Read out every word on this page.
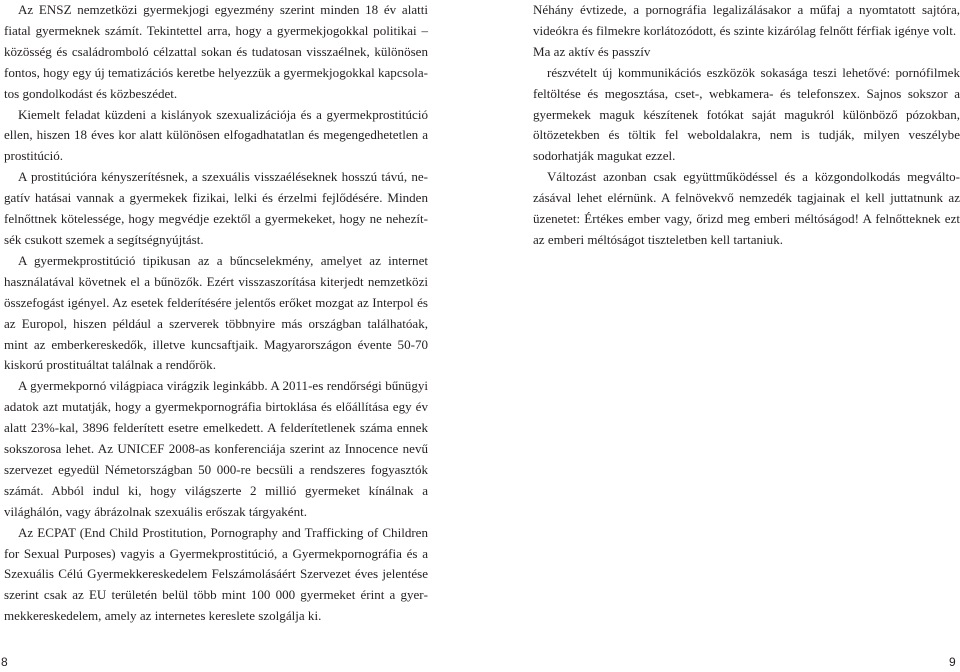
Az ENSZ nemzetközi gyermekjogi egyezmény szerint minden 18 év alatti fiatal gyermeknek számít. Tekintettel arra, hogy a gyermekjogokkal politikai – közösség és családromboló célzattal sokan és tudatosan visszaélnek, különösen fontos, hogy egy új tematizációs keretbe helyezzük a gyermekjogokkal kapcsolatos gondolkodást és közbeszédet.

Kiemelt feladat küzdeni a kislányok szexualizációja és a gyermekprostitúció ellen, hiszen 18 éves kor alatt különösen elfogadhatatlan és megengedhetetlen a prostitúció.

A prostitúcióra kényszerítésnek, a szexuális visszaéléseknek hosszú távú, negatív hatásai vannak a gyermekek fizikai, lelki és érzelmi fejlődésére. Minden felnőttnek kötelessége, hogy megvédje ezektől a gyermekeket, hogy ne nehezítsék csukott szemek a segítségnyújtást.

A gyermekprostitúció tipikusan az a bűncselekmény, amelyet az internet használatával követnek el a bűnözők. Ezért visszaszorítása kiterjedt nemzetközi összefogást igényel. Az esetek felderítésére jelentős erőket mozgat az Interpol és az Europol, hiszen például a szerverek többnyire más országban találhatóak, mint az emberkereskedők, illetve kuncsaftjaik. Magyarországon évente 50-70 kiskorú prostituáltat találnak a rendőrök.

A gyermekpornó világpiaca virágzik leginkább. A 2011-es rendőrségi bűnügyi adatok azt mutatják, hogy a gyermekpornográfia birtoklása és előállítása egy év alatt 23%-kal, 3896 felderített esetre emelkedett. A felderítetlenek száma ennek sokszorosa lehet. Az UNICEF 2008-as konferenciája szerint az Innocence nevű szervezet egyedül Németországban 50 000-re becsüli a rendszeres fogyasztók számát. Abból indul ki, hogy világszerte 2 millió gyermeket kínálnak a világhálón, vagy ábrázolnak szexuális erőszak tárgyaként.

Az ECPAT (End Child Prostitution, Pornography and Trafficking of Children for Sexual Purposes) vagyis a Gyermekprostitúció, a Gyermekpornográfia és a Szexuális Célú Gyermekkereskedelem Felszámolásáért Szervezet éves jelentése szerint csak az EU területén belül több mint 100 000 gyermeket érint a gyermekkereskedelem, amely az internetes kereslete szolgálja ki.

Néhány évtizede, a pornográfia legalizálásakor a műfaj a nyomtatott sajtóra, videókra és filmekre korlátozódott, és szinte kizárólag felnőtt férfiak igénye volt.

Ma az aktív és passzív

részvételt új kommunikációs eszközök sokasága teszi lehetővé: pornófilmek feltöltése és megosztása, cset-, webkamera- és telefonszex. Sajnos sokszor a gyermekek maguk készítenek fotókat saját magukról különböző pózokban, öltözetekben és töltik fel weboldalakra, nem is tudják, milyen veszélybe sodorhatják magukat ezzel.

Változást azonban csak együttműködéssel és a közgondolkodás megváltozásával lehet elérnünk. A felnövekvő nemzedék tagjainak el kell juttatnunk az üzenetet: Értékes ember vagy, őrizd meg emberi méltóságod! A felnőtteknek ezt az emberi méltóságot tiszteletben kell tartaniuk.

8	9
